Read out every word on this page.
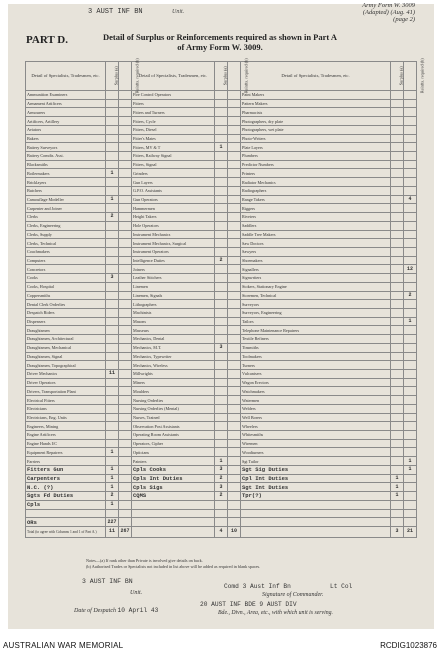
3 AUST INF BN	Unit.
Army Form W. 3009
(Adapted) (Aug. 41)
(page 2)
PART D.	Detail of Surplus or Reinforcements required as shown in Part A of Army Form W. 3009.
Detail of Specialists, Tradesmen, etc.	Surplus (a)	Reinfts. required (b)	Detail of Specialists, Tradesmen, etc.	Surplus (a)	Reinfts. required (b)	Detail of Specialists, Tradesmen, etc.	Surplus (a)	Reinfts. required (b)
Ammunition Examiners			Fire Control Operators			Paint Makers		
Armament Artificers			Fitters			Pattern Makers		
Armourers			Fitters and Turners			Pharmacists		
Artificers, Artillery			Fitters, Cycle			Photographers, dry plate		
Aviators			Fitters, Diesel			Photographers, wet plate		
Bakers			Fitter's Mates			Photo-Writers		
Battery Surveyors			Fitters, MV & T	1		Plate Layers		
Battery Comdts. Asst.			Fitters, Railway Signal			Plumbers		
Blacksmiths			Fitters, Signal			Predictor Numbers		
Boilermakers	1		Grinders			Printers		
Bricklayers			Gun Layers			Radiator Mechanics		
Butchers			G.P.O. Assistants			Radiographers		
Camouflage Modeller	1		Gun Operators			Range Takers		4
Carpenter and Joiner			Hammermen			Riggers		
Clerks	2		Height Takers			Riveters		
Clerks, Engineering			Hole Operators			Saddlers		
Clerks, Supply			Instrument Mechanics			Saddle Tree Makers		
Clerks, Technical			Instrument Mechanics, Surgical			Saw Doctors		
Coachmakers			Instrument Operators			Sawyers		
Computers			Intelligence Duties	2		Shoemakers		
Concretors			Joiners			Signallers		12
Cooks	3		Leather Stitchers			Signwriters		
Cooks, Hospital			Linemen			Stokers, Stationary Engine		
Coppersmiths			Linemen, Signals			Storemen, Technical		2
Dental Clerk Orderlies			Lithographers			Surveyors		
Despatch Riders			Machinists			Surveyors, Engineering		
Dispensers			Masons			Tailors		1
Draughtsmen			Masseurs			Telephone Maintenance Repairers		
Draughtsmen, Architectural			Mechanics, Dental			Textile Refiners		
Draughtsmen, Mechanical			Mechanics, M.T.	3		Tinsmiths		
Draughtsmen, Signal			Mechanics, Typewriter			Toolmakers		
Draughtsmen, Topographical			Mechanics, Wireless			Turners		
Driver Mechanics	11		Millwrights			Vulcanisers		
Driver Operators			Miners			Wagon Erectors		
Drivers, Transportation Plant			Moulders			Watchmakers		
Electrical Fitters			Nursing Orderlies			Watermen		
Electricians			Nursing Orderlies (Mental)			Welders		
Electricians, Eng. Units			Nurses, Trained			Well Borers		
Engineers, Mining			Observation Post Assistants			Wheelers		
Engine Artificers			Operating Room Assistants			Whitesmiths		
Engine Hands I/C			Operators, Cipher			Wiremen		
Equipment Repairers	1		Opticians			Woodturners		
Farriers			Painters	1		Sgt Tailor		1
Fitters Gun	1		Cpls Cooks	3		Sgt Sig Duties		1
Carpenters	1		Cpls Int Duties	2		Cpl Int Duties	1	
N.C. (?)	1		Cpls Sigs	3		Sgt Int Duties	1	
Sgts Fd Duties	2		CQMS	2		Tpr(?)	1	
Cpls	1							

ORs	227							
Total (to agree with Columns 1 and 1 of Part A.)	11	267		4	10		3	21
Notes—(a) If rank other than Private is involved give details on back.
(b) Authorised Trades or Specialists not included in list above will be added as required in blank spaces.
3 AUST INF BN
Unit.
Comd 3 Aust Inf Bn	Lt Col
Signature of Commander.
20 AUST INF BDE 9 AUST DIV
Date of Despatch 10 April 43	Bde., Divn., Area, etc., with which unit is serving.
AUSTRALIAN WAR MEMORIAL	RCDIG1023876
